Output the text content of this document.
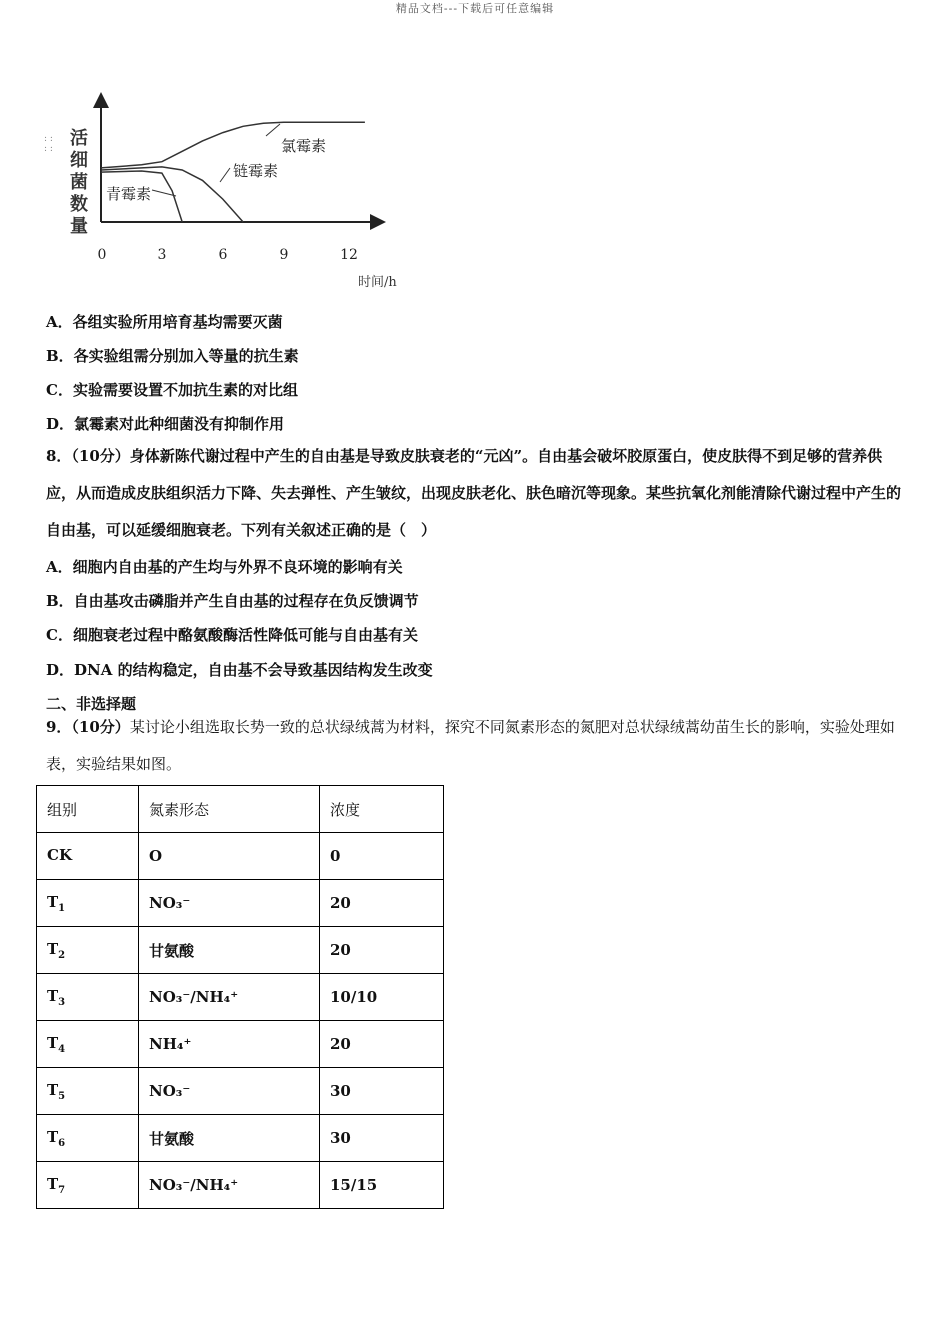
精品文档---下载后可任意编辑
: :
: : 活细菌数量
0	3	6	9	12
时间/h
氯霉素
链霉素
青霉素
A．各组实验所用培育基均需要灭菌
B．各实验组需分别加入等量的抗生素
C．实验需要设置不加抗生素的对比组
D．氯霉素对此种细菌没有抑制作用
8．（10分）身体新陈代谢过程中产生的自由基是导致皮肤衰老的“元凶”。自由基会破坏胶原蛋白，使皮肤得不到足够的营养供应，从而造成皮肤组织活力下降、失去弹性、产生皱纹，出现皮肤老化、肤色暗沉等现象。某些抗氧化剂能清除代谢过程中产生的自由基，可以延缓细胞衰老。下列有关叙述正确的是（　）
A．细胞内自由基的产生均与外界不良环境的影响有关
B．自由基攻击磷脂并产生自由基的过程存在负反馈调节
C．细胞衰老过程中酪氨酸酶活性降低可能与自由基有关
D．DNA 的结构稳定，自由基不会导致基因结构发生改变
二、非选择题
9．（10分）某讨论小组选取长势一致的总状绿绒蒿为材料，探究不同氮素形态的氮肥对总状绿绒蒿幼苗生长的影响，实验处理如表，实验结果如图。
组别	氮素形态	浓度
CK	O	0
$T_1$	NO₃⁻	20
$T_2$	甘氨酸	20
$T_3$	NO₃⁻/NH₄⁺	10/10
$T_4$	NH₄⁺	20
$T_5$	NO₃⁻	30
$T_6$	甘氨酸	30
$T_7$	NO₃⁻/NH₄⁺	15/15
